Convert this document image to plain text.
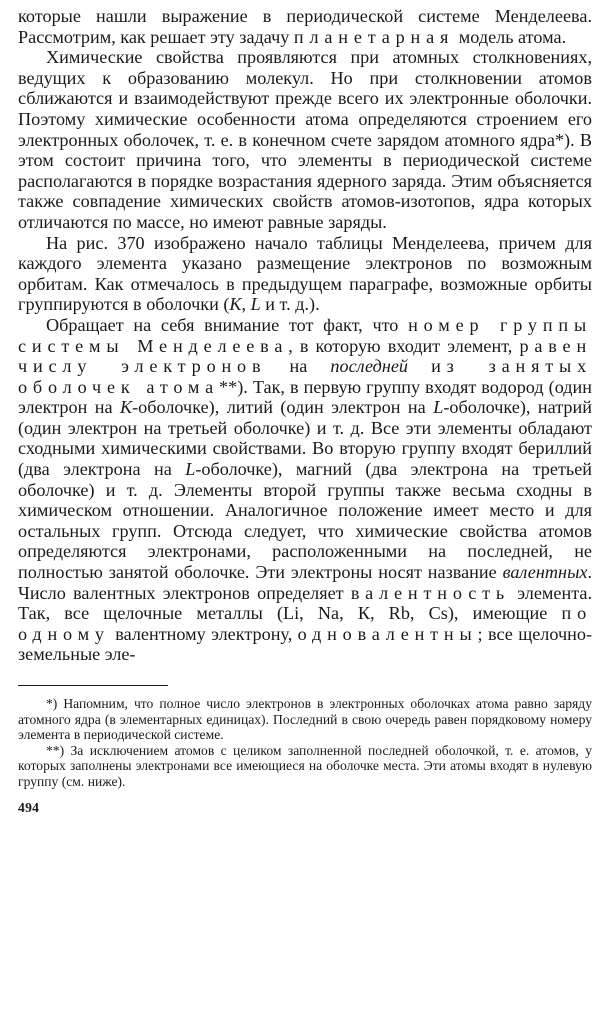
которые нашли выражение в периодической системе Менделеева. Рассмотрим, как решает эту задачу планетарная модель атома.

Химические свойства проявляются при атомных столкновениях, ведущих к образованию молекул. Но при столкновении атомов сближаются и взаимодействуют прежде всего их электронные оболочки. Поэтому химические особенности атома определяются строением его электронных оболочек, т. е. в конечном счете зарядом атомного ядра*). В этом состоит причина того, что элементы в периодической системе располагаются в порядке возрастания ядерного заряда. Этим объясняется также совпадение химических свойств атомов-изотопов, ядра которых отличаются по массе, но имеют равные заряды.

На рис. 370 изображено начало таблицы Менделеева, причем для каждого элемента указано размещение электронов по возможным орбитам. Как отмечалось в предыдущем параграфе, возможные орбиты группируются в оболочки (К, L и т. д.).

Обращает на себя внимание тот факт, что номер группы системы Менделеева, в которую входит элемент, равен числу электронов на последней из занятых оболочек атома**). Так, в первую группу входят водород (один электрон на К-оболочке), литий (один электрон на L-оболочке), натрий (один электрон на третьей оболочке) и т. д. Все эти элементы обладают сходными химическими свойствами. Во вторую группу входят бериллий (два электрона на L-оболочке), магний (два электрона на третьей оболочке) и т. д. Элементы второй группы также весьма сходны в химическом отношении. Аналогичное положение имеет место и для остальных групп. Отсюда следует, что химические свойства атомов определяются электронами, расположенными на последней, не полностью занятой оболочке. Эти электроны носят название валентных. Число валентных электронов определяет валентность элемента. Так, все щелочные металлы (Li, Na, К, Rb, Cs), имеющие по одному валентному электрону, одновалентны; все щелочно-земельные эле-

*) Напомним, что полное число электронов в электронных оболочках атома равно заряду атомного ядра (в элементарных единицах). Последний в свою очередь равен порядковому номеру элемента в периодической системе.

**) За исключением атомов с целиком заполненной последней оболочкой, т. е. атомов, у которых заполнены электронами все имеющиеся на оболочке места. Эти атомы входят в нулевую группу (см. ниже).

494
